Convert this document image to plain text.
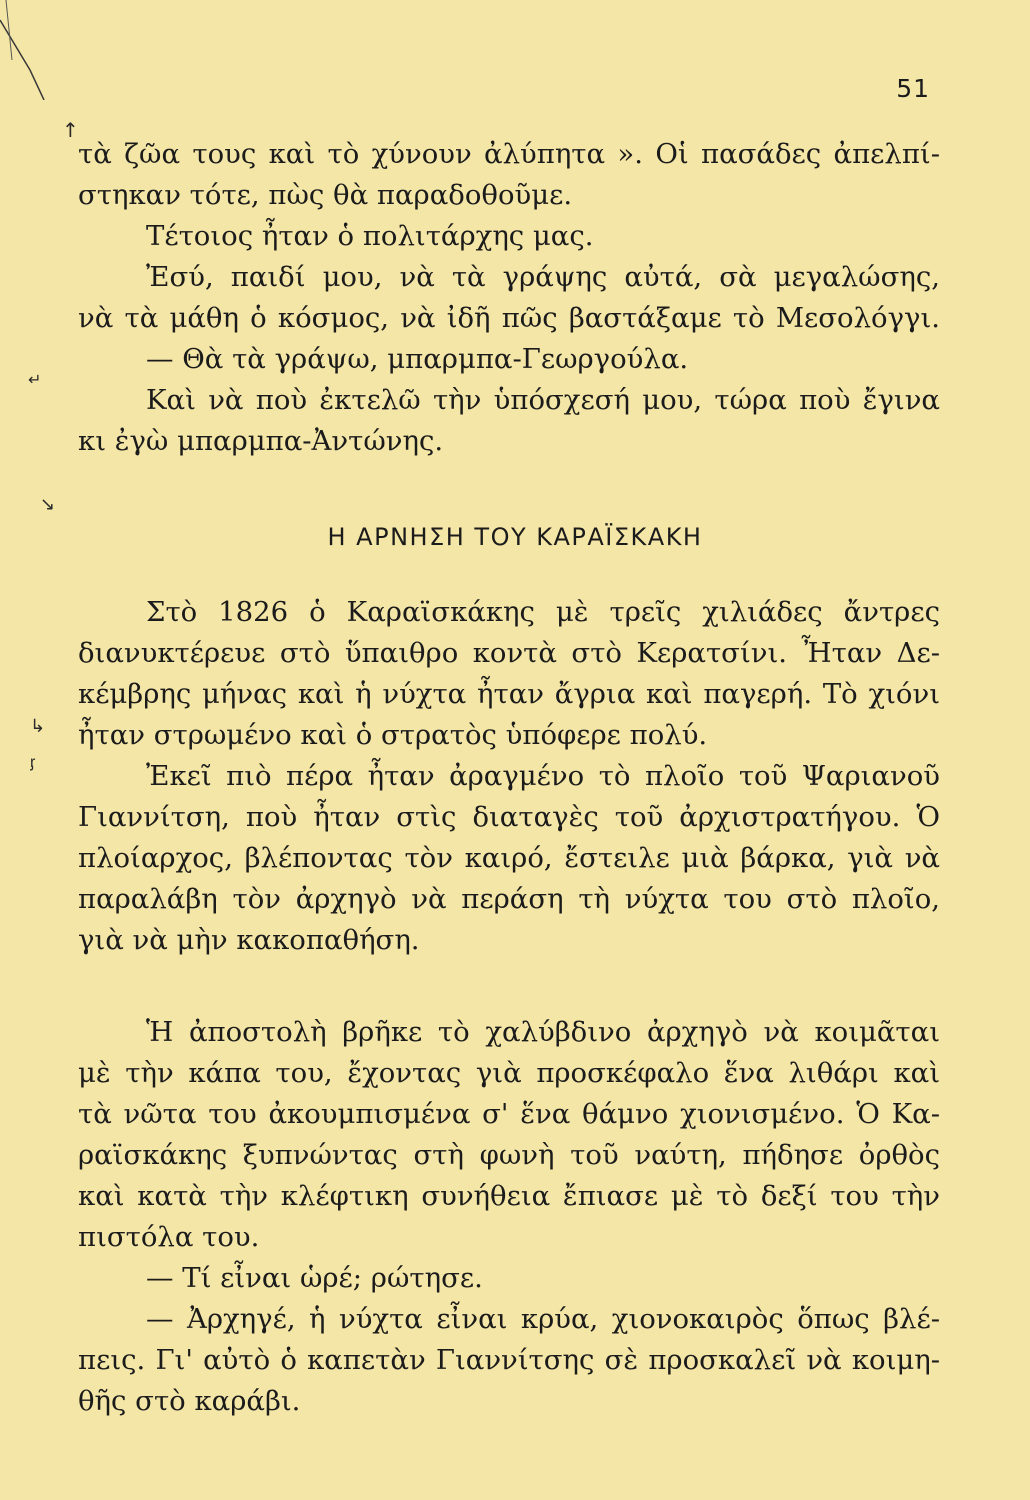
51
τὰ ζῶα τους καὶ τὸ χύνουν ἀλύπητα ». Οἱ πασάδες ἀπελπί-
στηκαν τότε, πὼς θὰ παραδοθοῦμε.
Τέτοιος ἦταν ὁ πολιτάρχης μας.
Ἐσύ, παιδί μου, νὰ τὰ γράψης αὐτά, σὰ μεγαλώσης,
νὰ τὰ μάθη ὁ κόσμος, νὰ ἰδῆ πῶς βαστάξαμε τὸ Μεσολόγγι.
— Θὰ τὰ γράψω, μπαρμπα-Γεωργούλα.
Καὶ νὰ ποὺ ἐκτελῶ τὴν ὑπόσχεσή μου, τώρα ποὺ ἔγινα
κι ἐγὼ μπαρμπα-Ἀντώνης.
Η ΑΡΝΗΣΗ ΤΟΥ ΚΑΡΑΪΣΚΑΚΗ
Στὸ 1826 ὁ Καραϊσκάκης μὲ τρεῖς χιλιάδες ἄντρες
διανυκτέρευε στὸ ὕπαιθρο κοντὰ στὸ Κερατσίνι. Ἦταν Δε-
κέμβρης μήνας καὶ ἡ νύχτα ἦταν ἄγρια καὶ παγερή. Τὸ χιόνι
ἦταν στρωμένο καὶ ὁ στρατὸς ὑπόφερε πολύ.
Ἐκεῖ πιὸ πέρα ἦταν ἀραγμένο τὸ πλοῖο τοῦ Ψαριανοῦ
Γιαννίτση, ποὺ ἦταν στὶς διαταγὲς τοῦ ἀρχιστρατήγου. Ὁ
πλοίαρχος, βλέποντας τὸν καιρό, ἔστειλε μιὰ βάρκα, γιὰ νὰ
παραλάβη τὸν ἀρχηγὸ νὰ περάση τὴ νύχτα του στὸ πλοῖο,
γιὰ νὰ μὴν κακοπαθήση.
Ἡ ἀποστολὴ βρῆκε τὸ χαλύβδινο ἀρχηγὸ νὰ κοιμᾶται
μὲ τὴν κάπα του, ἔχοντας γιὰ προσκέφαλο ἕνα λιθάρι καὶ
τὰ νῶτα του ἀκουμπισμένα σ' ἕνα θάμνο χιονισμένο. Ὁ Κα-
ραϊσκάκης ξυπνώντας στὴ φωνὴ τοῦ ναύτη, πήδησε ὀρθὸς
καὶ κατὰ τὴν κλέφτικη συνήθεια ἔπιασε μὲ τὸ δεξί του τὴν
πιστόλα του.
— Τί εἶναι ὡρέ; ρώτησε.
— Ἀρχηγέ, ἡ νύχτα εἶναι κρύα, χιονοκαιρὸς ὅπως βλέ-
πεις. Γι' αὐτὸ ὁ καπετὰν Γιαννίτσης σὲ προσκαλεῖ νὰ κοιμη-
θῆς στὸ καράβι.
↑
↵
↘
↳
ᶉ
